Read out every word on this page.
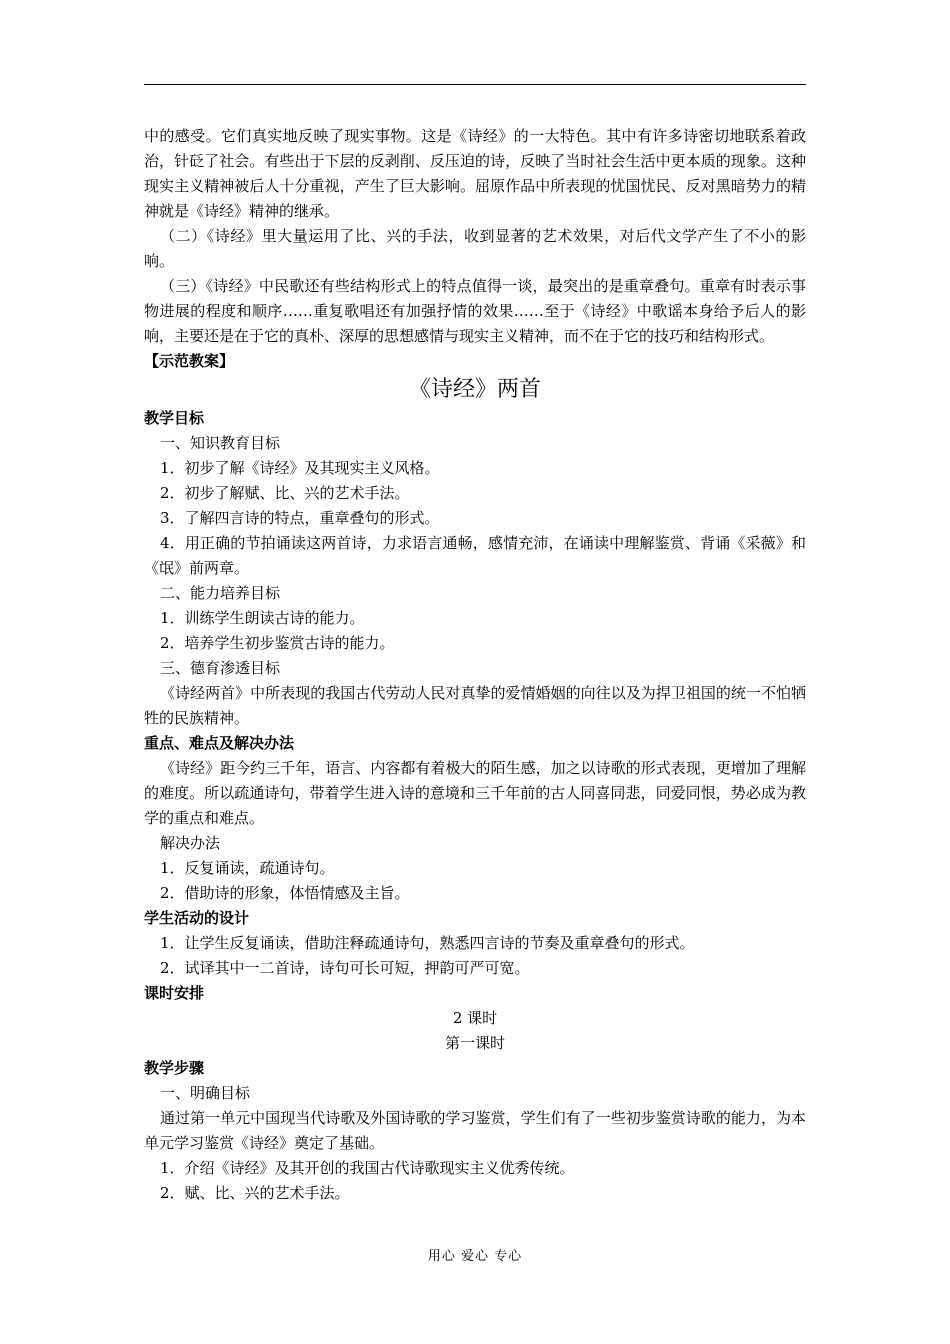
中的感受。它们真实地反映了现实事物。这是《诗经》的一大特色。其中有许多诗密切地联系着政治，针砭了社会。有些出于下层的反剥削、反压迫的诗，反映了当时社会生活中更本质的现象。这种现实主义精神被后人十分重视，产生了巨大影响。屈原作品中所表现的忧国忧民、反对黑暗势力的精神就是《诗经》精神的继承。

（二）《诗经》里大量运用了比、兴的手法，收到显著的艺术效果，对后代文学产生了不小的影响。

（三）《诗经》中民歌还有些结构形式上的特点值得一谈，最突出的是重章叠句。重章有时表示事物进展的程度和顺序……重复歌唱还有加强抒情的效果……至于《诗经》中歌谣本身给予后人的影响，主要还是在于它的真朴、深厚的思想感情与现实主义精神，而不在于它的技巧和结构形式。

【示范教案】

《诗经》两首

教学目标

一、知识教育目标

1．初步了解《诗经》及其现实主义风格。

2．初步了解赋、比、兴的艺术手法。

3．了解四言诗的特点，重章叠句的形式。

4．用正确的节拍诵读这两首诗，力求语言通畅，感情充沛，在诵读中理解鉴赏、背诵《采薇》和《氓》前两章。

二、能力培养目标

1．训练学生朗读古诗的能力。

2．培养学生初步鉴赏古诗的能力。

三、德育渗透目标

《诗经两首》中所表现的我国古代劳动人民对真挚的爱情婚姻的向往以及为捍卫祖国的统一不怕牺牲的民族精神。

重点、难点及解决办法

《诗经》距今约三千年，语言、内容都有着极大的陌生感，加之以诗歌的形式表现，更增加了理解的难度。所以疏通诗句，带着学生进入诗的意境和三千年前的古人同喜同悲，同爱同恨，势必成为教学的重点和难点。

解决办法

1．反复诵读，疏通诗句。

2．借助诗的形象，体悟情感及主旨。

学生活动的设计

1．让学生反复诵读，借助注释疏通诗句，熟悉四言诗的节奏及重章叠句的形式。

2．试译其中一二首诗，诗句可长可短，押韵可严可宽。

课时安排

2 课时

第一课时

教学步骤

一、明确目标

通过第一单元中国现当代诗歌及外国诗歌的学习鉴赏，学生们有了一些初步鉴赏诗歌的能力，为本单元学习鉴赏《诗经》奠定了基础。

1．介绍《诗经》及其开创的我国古代诗歌现实主义优秀传统。

2．赋、比、兴的艺术手法。

用心 爱心 专心
